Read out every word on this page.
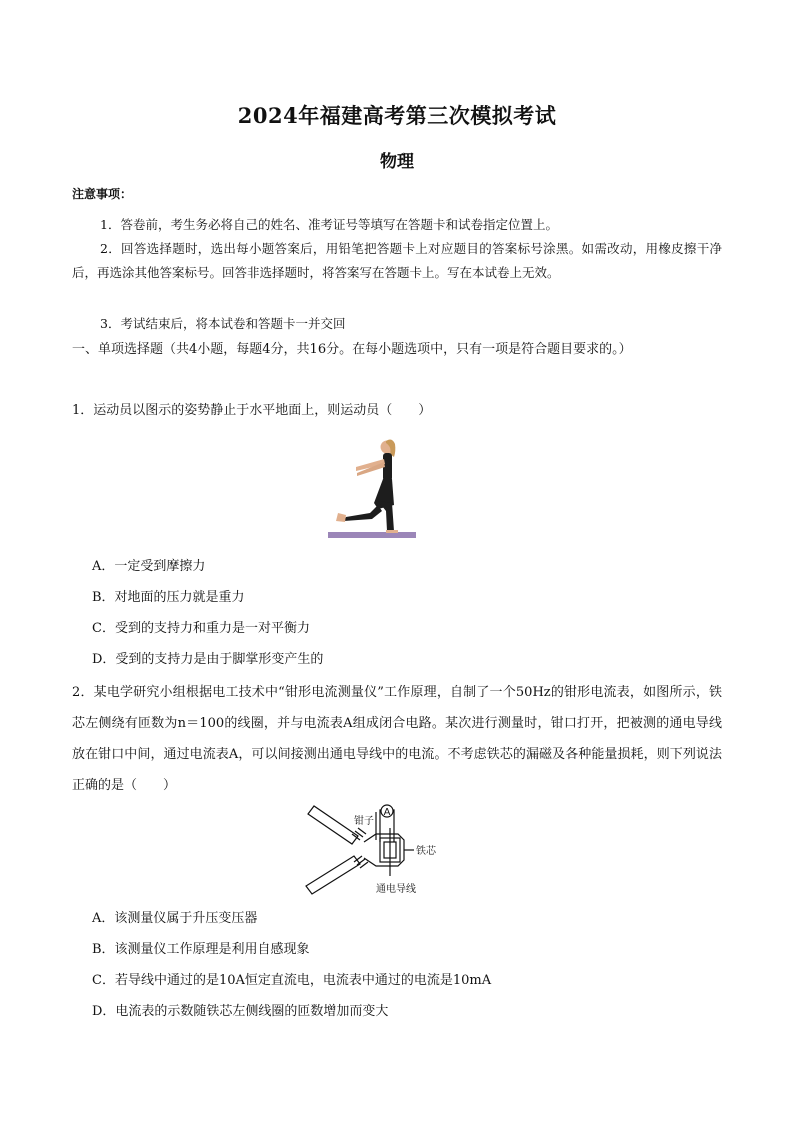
2024年福建高考第三次模拟考试
物理
注意事项：

1．答卷前，考生务必将自己的姓名、准考证号等填写在答题卡和试卷指定位置上。

2．回答选择题时，选出每小题答案后，用铅笔把答题卡上对应题目的答案标号涂黑。如需改动，用橡皮擦干净后，再选涂其他答案标号。回答非选择题时，将答案写在答题卡上。写在本试卷上无效。

3．考试结束后，将本试卷和答题卡一并交回

一、单项选择题（共4小题，每题4分，共16分。在每小题选项中，只有一项是符合题目要求的。）

1．运动员以图示的姿势静止于水平地面上，则运动员（　　）

A．一定受到摩擦力

B．对地面的压力就是重力

C．受到的支持力和重力是一对平衡力

D．受到的支持力是由于脚掌形变产生的

2．某电学研究小组根据电工技术中“钳形电流测量仪”工作原理，自制了一个50Hz的钳形电流表，如图所示，铁芯左侧绕有匝数为n＝100的线圈，并与电流表A组成闭合电路。某次进行测量时，钳口打开，把被测的通电导线放在钳口中间，通过电流表A，可以间接测出通电导线中的电流。不考虑铁芯的漏磁及各种能量损耗，则下列说法正确的是（　　）

A
钳子
铁芯
通电导线

A．该测量仪属于升压变压器

B．该测量仪工作原理是利用自感现象

C．若导线中通过的是10A恒定直流电，电流表中通过的电流是10mA

D．电流表的示数随铁芯左侧线圈的匝数增加而变大
